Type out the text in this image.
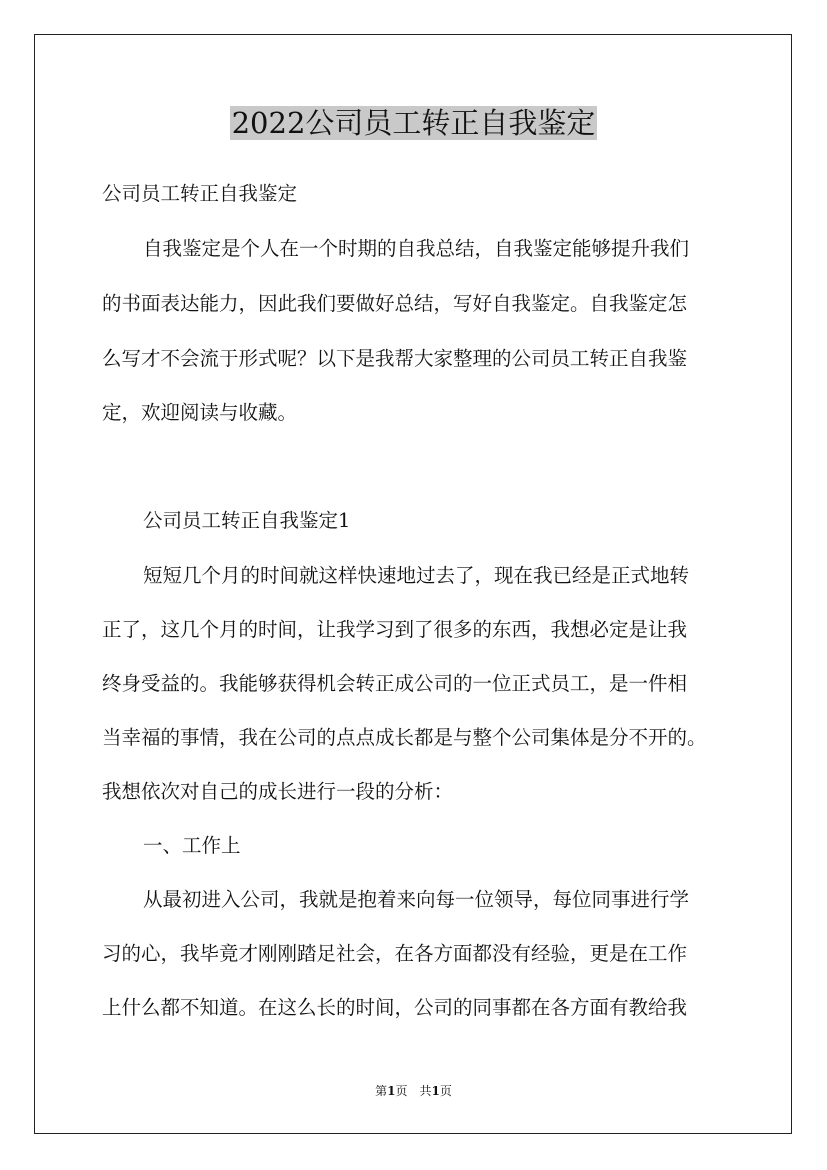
2022公司员工转正自我鉴定

公司员工转正自我鉴定

自我鉴定是个人在一个时期的自我总结，自我鉴定能够提升我们

的书面表达能力，因此我们要做好总结，写好自我鉴定。自我鉴定怎

么写才不会流于形式呢？以下是我帮大家整理的公司员工转正自我鉴

定，欢迎阅读与收藏。

公司员工转正自我鉴定1

短短几个月的时间就这样快速地过去了，现在我已经是正式地转

正了，这几个月的时间，让我学习到了很多的东西，我想必定是让我

终身受益的。我能够获得机会转正成公司的一位正式员工，是一件相

当幸福的事情，我在公司的点点成长都是与整个公司集体是分不开的。

我想依次对自己的成长进行一段的分析：

一、工作上

从最初进入公司，我就是抱着来向每一位领导，每位同事进行学

习的心，我毕竟才刚刚踏足社会，在各方面都没有经验，更是在工作

上什么都不知道。在这么长的时间，公司的同事都在各方面有教给我

第1页　共1页
